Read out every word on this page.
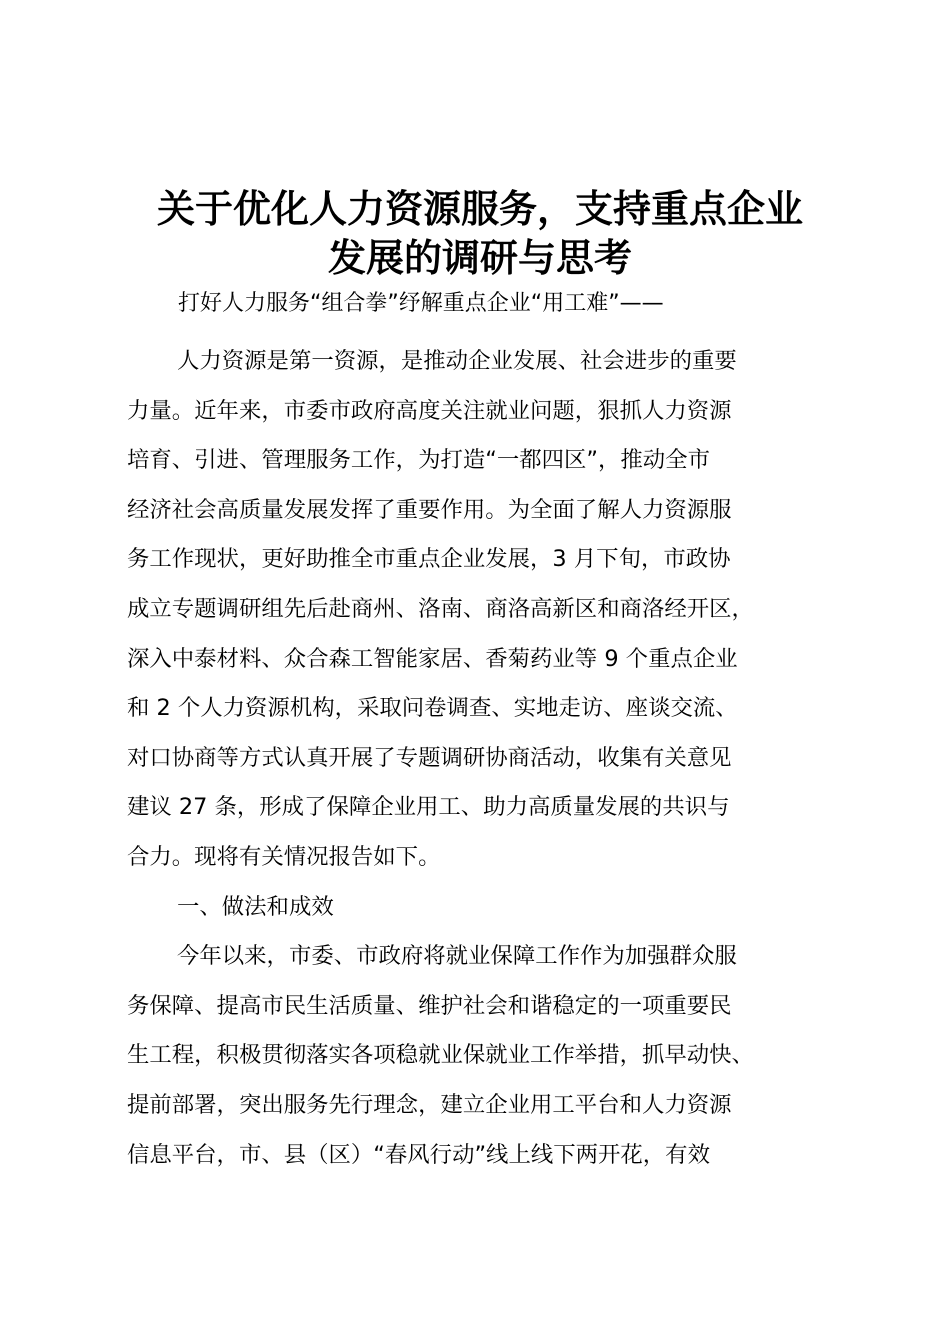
关于优化人力资源服务，支持重点企业
发展的调研与思考

打好人力服务“组合拳”纾解重点企业“用工难”——

人力资源是第一资源，是推动企业发展、社会进步的重要
力量。近年来，市委市政府高度关注就业问题，狠抓人力资源
培育、引进、管理服务工作，为打造“一都四区”，推动全市
经济社会高质量发展发挥了重要作用。为全面了解人力资源服
务工作现状，更好助推全市重点企业发展，3 月下旬，市政协
成立专题调研组先后赴商州、洛南、商洛高新区和商洛经开区，
深入中泰材料、众合森工智能家居、香菊药业等 9 个重点企业
和 2 个人力资源机构，采取问卷调查、实地走访、座谈交流、
对口协商等方式认真开展了专题调研协商活动，收集有关意见
建议 27 条，形成了保障企业用工、助力高质量发展的共识与
合力。现将有关情况报告如下。
一、做法和成效
今年以来，市委、市政府将就业保障工作作为加强群众服
务保障、提高市民生活质量、维护社会和谐稳定的一项重要民
生工程，积极贯彻落实各项稳就业保就业工作举措，抓早动快、
提前部署，突出服务先行理念，建立企业用工平台和人力资源
信息平台，市、县（区）“春风行动”线上线下两开花，有效
